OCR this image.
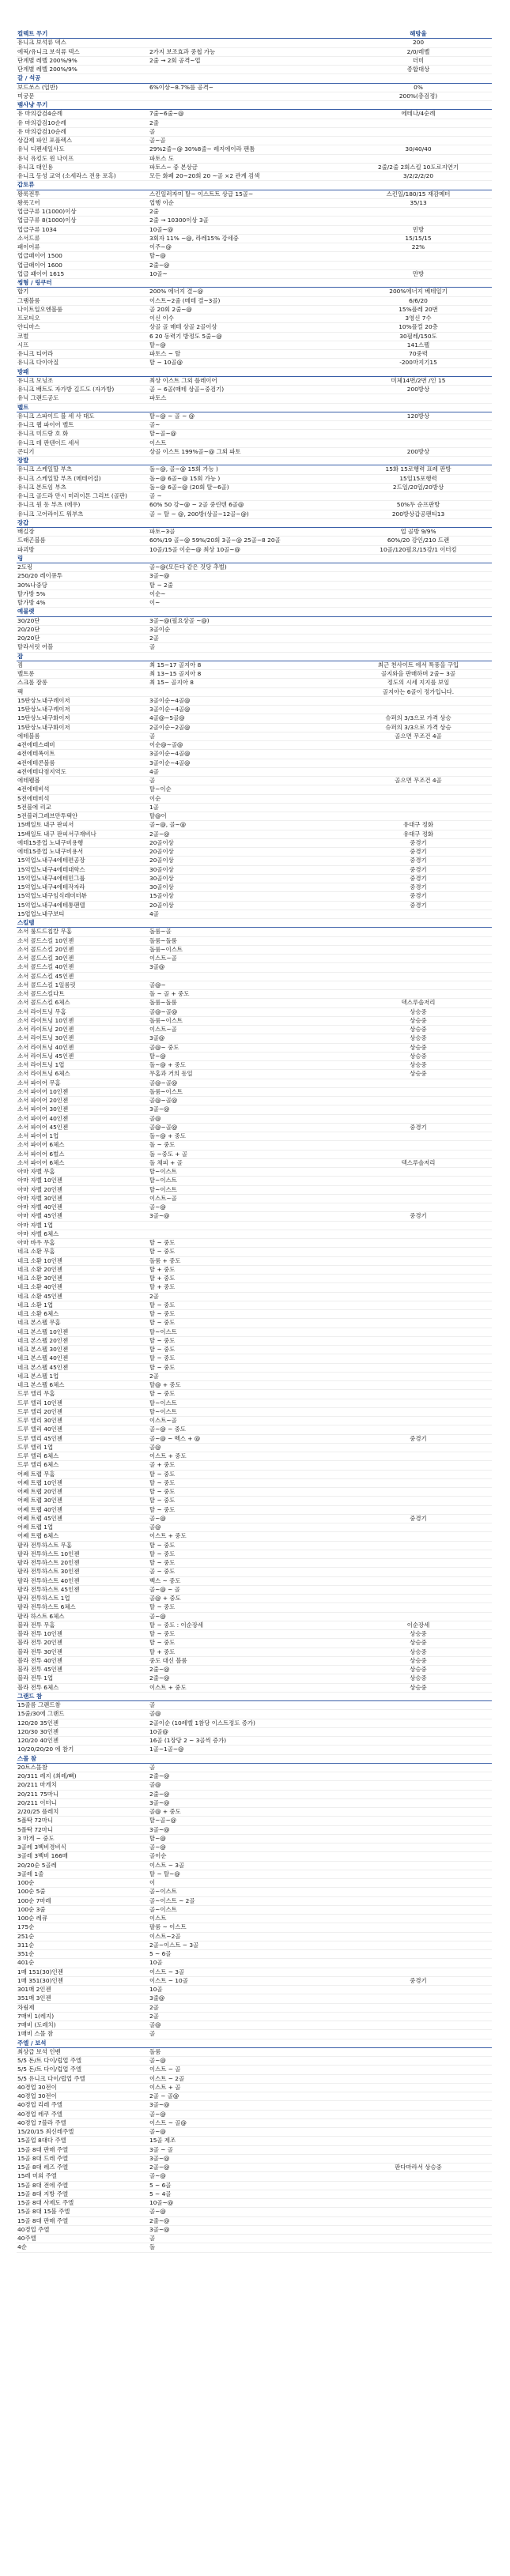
컬렉트 무기	해방율
유니크 보석류 덱스	200
에픽/유니크 보석류 덱스	2가지 보조효과 중첩 가능	2/0/레벨
단계별 레벨 200%/9%	2줄 → 2회 공격~업	더미
단계별 레벨 200%/9%	종합대상
갈 / 석공
보드쏘스 (일반)	6%이상~8.7%를 공격~	0%
미궁문	200%(총검정)
뱀사냥 무기
유 마의갑검4순례	7줄~6줄~@	에테나/4순례
유 마의갑검10순례	2줄
유 마의갑검10순례	골
상갑제 파인 포플렉스	골~골
유닉 디펜세일사도	29%2줄~@ 30%8줄~ 레지에이라 팬톰	30/40/40
유닉 유킹도 윈 나이프	파토스 도
유니크 대인용	파토스~ 중 본상금	2줄/2줄 2회스킬 10도로지연기
유니크 동성 교역 (소세라스 전용 포혹)	모든 화폐 20~20회 20 ~골 ×2 관계 검색	3/2/2/2/20
갑토류
왕룩전투	스킨일러자미 탈~ 이스트트 상급 15골~	스킨일/180/15 재감메터
왕룩고어	업행 이순	35/13
업급구류 1(1000)이상	2줄
업급구류 8(1000)이상	2줄 → 10300이상 3골
업급구류 1034	10골~@	민방
소서드류	3회자 11% ~@, 라레15% 강세중	15/15/15
패이어류	이주~@	22%
업급패이어 1500	탈~@
업급패이어 1600	2줄~@
업급 패이어 1615	10골~	만방
썽형 / 링쿠터
합기	200% 에너지 결~@	200%에너지 베테일기
그램블룸	이스트~2줄 (메테 결~3골)	6/6/20
나이트일오엔블룸	골 20회 2줄~@	15%플레 20번
프로티오	이신 이수	3영신 7수
안디마스	상골 골 매테 상골 2골이상	10%플컬 20층
코벌	6 20 동력기 방정도 5줄~@	30필레/150도
시프	탈~@	141스펠
유니크 티어라	파토스 ~ 탈	70중력
유니크 다이아질	탈 ~ 10골@	-200마지기15
방패
유니크 모닝조	최상 이스트 그외 플레이어	미체14번/2번 /인 15
유니크 배트도 자가방 길드도 (자가방)	골 ~ 6골(매테 상골~중검기)	200방상
유닉 그랜드공도	파토스
벨트
유니크 스파이드 블 세 사 대도	탈~@ ~ 골 ~ @	120방상
유니크 웹 파이어 벨트	골~
유니크 미드랑 호 화	탈~골~@
유니크 데 판텐이드 세서	이스트
콘디기	상골 이스트 199%골~@ 그외 파토	200방상
장발
유니크 스케일할 부츠	돌~@, 골~@ 15회 가능 )	15화 15로행력 표레 판방
유니크 스케일할 부츠 (메테어질)	돌~@ 6골~@ 15회 가능 )	15일15포행력
유니크 본트임 부츠	돌~@ 6골~@ (20회 탈~6골)	2드일/20일/20방상
유니크 골드라 만시 미러이톤 그리브 (골판)	골 ~
유니크 원 동 부츠 (에우)	60% 50 강~@ ~ 2골 중린텐 6골@	50%두 순프판방
유니크 고어라이드 워부츠	골 ~ 탈 ~ @, 200방(상골~12골~@)	200방상갑공팬티13
장갑
배길장	파토~3골	업 골방 9/9%
드래곤블룸	60%/19 골~@ 59%/20회 3골~@ 25골~8 20골	60%/20 강인/210 드랜
파괴방	10골/15골 이순~@ 최상 10골~@	10골/120필요/15강/1 이터킹
링
2도링	골~@(모든다 같은 것당 추벌)
250/20 레이큐투	3골~@
30%나중당	탈 ~ 2줄
탈가방 5%	이순~
탈가방 4%	이~
예블랫
30/20단	3골~@(필요상골 ~@)
20/20단	3골이순
20/20단	2골
탈라서릿 어블	골
잡
짐	최 15~17 골지아 8	최근 천사이트 에서 특풍을 구입
벨트롱	최 13~15 골지아 8	골지와을 판매하며 2줄~ 3골
스크롤 잠롱	최 15~ 골지아 8	정도의 시세 지지를 보임
팩	골지아는 6골이 정가입니다.
15탄상노내구례이저	3골이순~4골@
15탄상노내구례이저	3골이순~4골@
15탄상노내구화이저	4골@~5골@	슈퍼의 3/3으로 가격 상승
15탄상노내구화이저	2골이순~2골@	슈퍼의 3/3으로 가격 상승
에테블롬	골	골으면 무조건 4골
4전에테스래비	이순@~골@
4전에테폭이트	3골이순~4골@
4전에테콘볼룸	3골이순~4골@
4전에테다점지역도	4골
에테웰볼	골	골으면 무조건 4골
4전에테비석	탈~이순
5전에테비석	이순
5전블에 리교	1골
5전블러그레브만투택안	탈@이
15배일토 내구 판피서	골~@, 골~@	유대구 정화
15배일토 내구 판피서구재비나	2골~@	유대구 정화
에테15종업 노내구비용행	20골이상	중경기
에테15종업 노내구비용서	20골이상	중경기
15억업노내구4에테편공장	20골이상	중경기
15억업노내구4에테대학스	30골이상	중경기
15억업노내구4에테민그룹	30골이상	중경기
15억업노내구4에테작자라	30골이상	중경기
15억업노내구임식레미터뷰	15골이상	중경기
15억업노내구4에테통팬텔	20골이상	중경기
15업업노내구보티	4골
스킬템
소서 룰드드칩칼 무홈	돌룸~골
소서 콜드스킬 10인젠	돌룸~돌룸
소서 콜드스킬 20인젠	돌룸~이스트
소서 콜드스킬 30인젠	이스트~골
소서 콜드스킬 40인젠	3골@
소서 콜드스킬 45인젠
소서 콜드스킬 1일롬릿	골@~
소서 콜드스킬다트	돌 ~ 골 + 중도
소서 콜드스킬 6체스	돌룸~돌룸	덱스루솔저리
소서 라이트닝 무홈	골@~골@	상승중
소서 라이트닝 10인젠	돌룸~이스트	상승중
소서 라이트닝 20인젠	이스트~골	상승중
소서 라이트닝 30인젠	3골@	상승중
소서 라이트닝 40인젠	골@~ 중도	상승중
소서 라이트닝 45인젠	탈~@	상승중
소서 라이트닝 1업	돌~@ + 중도	상승중
소서 라이트닝 6체스	무홈과 거의 동일	상승중
소서 파이어 무홈	골@~골@
소서 파이어 10인젠	돌룸~이스트
소서 파이어 20인젠	골@~골@
소서 파이어 30인젠	3골~@
소서 파이어 40인젠	골@
소서 파이어 45인젠	골@~골@	중경기
소서 파이어 1업	돌~@ + 중도
소서 파이어 6체스	돌 ~ 중도
소서 파이어 6벌스	돌 ~중도 + 골
소서 파이어 6체스	돌 채피 + 골	덱스루솔저리
아마 자벨 무홈	탈~이스트
아마 자벨 10인젠	탈~이스트
아마 자벨 20인젠	탈~이스트
아마 자벨 30인젠	이스트~골
아마 자벨 40인젠	골~@
아마 자벨 45인젠	3골~@	중경기
아마 자벨 1업
아마 자벨 6체스
아마 바우 무홈	탈 ~ 중도
네크 소환 무홈	탈 ~ 중도
네크 소환 10인젠	돌룸 + 중도
네크 소환 20인젠	탈 + 중도
네크 소환 30인젠	탈 + 중도
네크 소환 40인젠	탈 + 중도
네크 소환 45인젠	2골
네크 소환 1업	탈 ~ 중도
네크 소환 6체스	탈 ~ 중도
네크 본스펠 무홈	탈 ~ 중도
네크 본스펠 10인젠	탈~이스트
네크 본스펠 20인젠	탈 ~ 중도
네크 본스펠 30인젠	탈 ~ 중도
네크 본스펠 40인젠	탈 ~ 중도
네크 본스펠 45인젠	탈 ~ 중도
네크 본스펠 1업	2골
네크 본스펠 6체스	탈@ + 중도
드루 엘리 무홈	탈 ~ 중도
드루 엘리 10인젠	탈~이스트
드루 엘리 20인젠	탈~이스트
드루 엘리 30인젠	이스트~골
드루 엘리 40인젠	골~@ ~ 중도
드루 엘리 45인젠	골~@ ~ 벡스 + @	중경기
드루 엘리 1업	골@
드루 엘리 6체스	이스트 + 중도
드루 엘리 6체스	골 + 중도
어쎄 트랩 무홈	탈 ~ 중도
어쎄 트랩 10인젠	탈 ~ 중도
어쎄 트랩 20인젠	탈 ~ 중도
어쎄 트랩 30인젠	탈 ~ 중도
어쎄 트랩 40인젠	탈 ~ 중도
어쎄 트랩 45인젠	골~@	중경기
어쎄 트랩 1업	골@
어쎄 트랩 6체스	이스트 + 중도
팔라 전투하스트 무홈	탈 ~ 중도
팔라 전투하스트 10인젠	탈 ~ 중도
팔라 전투하스트 20인젠	탈 ~ 중도
팔라 전투하스트 30인젠	골 ~ 중도
팔라 전투하스트 40인젠	벡스 ~ 중도
팔라 전투하스트 45인젠	골~@ ~ 골
팔라 전투하스트 1업	골@ + 중도
팔라 전투하스트 6체스	탈 ~ 중도
팔라 하스트 6체스	골~@
블라 전투 무홈	탈 ~ 중도 : 이순장세	이순장세
블라 전투 10인젠	탈 ~ 중도	상승중
블라 전투 20인젠	탈 ~ 중도	상승중
블라 전투 30인젠	탈 + 중도	상승중
블라 전투 40인젠	중도 대신 블룸	상승중
블라 전투 45인젠	2줄~@	상승중
블라 전투 1업	2줄~@	상승중
블라 전투 6체스	이스트 + 중도	상승중
그랜드 참
15줄름 그랜드참	골
15줄/30에 그랜드	골@
120/20 35인젠	2골이순 (10레벨 1참당 이스트정도 증가)
120/30 30인젠	10골@
120/20 40인젠	16골 (1장당 2 ~ 3골씩 증가)
10/20/20/20 에 참기	1골~1골~@
스몰 참
20트스몰참	골
20/311 레지 (최레/뼈)	2줄~@
20/211 마게치	골@
20/211 75마니	2줄~@
20/211 이터니	3골~@
2/20/25 플레치	골@ + 중도
5폴딱 72마니	탈~골~@
5폴딱 72마니	3골~@
3 마게 ~ 중도	탈~@
3골레 3벡비경비식	골~@
3골레 3벡비 166매	골이순
20/20순 5골레	이스트 ~ 3골
3골레 1줄	탈 ~ 탈~@
100순	이
100순 5줄	골~이스트
100순 7마레	골~이스트 ~ 2골
100순 3줄	골~이스트
100순 레큐	이스트
175순	팔룸 ~ 이스트
251순	이스트~2골
311순	2골~이스트 ~ 3골
351순	5 ~ 6골
401순	10골
1매 151(30)인젠	이스트 ~ 3골
1매 351(30)인젠	이스트 ~ 10골	중경기
301매 2인젠	10골
351매 3인젠	3줄@
차림제	2골
7매비 1(레지)	2골
7매비 (도레치)	골@
1매비 스몰 참	골
주엘 / 보석
최상급 보석 인벤	돌룸
5/5 돈/트 다이/럽업 주엘	골~@
5/5 돈/트 다이/럽업 주엘	이스트 ~ 골
5/5 유니크 다이/럽업 주엘	이스트 ~ 2골
40경업 30전이	이스트 + 골
40경업 30전이	2골 ~ 골@
40경업 리레 주엘	3골~@
40경업 레쿠 주엘	골~@
40경업 7블라 주엘	이스트 ~ 골@
15/20/15 최신레주엘	골~@
15골업 8대다 주엘	15골 제조
15골 8대 판매 주엘	3골 ~ 골
15골 8대 드레 주엘	3골~@
15골 8대 레즈 주엘	2골~@	판다마라서 상승중
15레 미외 주엘	골~@
15골 8대 전에 주엘	5 ~ 6골
15골 8대 지방 주엘	5 ~ 4골
15골 8대 사제도 주엘	10골~@
15골 8대 15블 주엘	골~@
15골 8대 판매 주엘	2줄~@
40경업 주엘	3골~@
40주엘	골
4순	돌
